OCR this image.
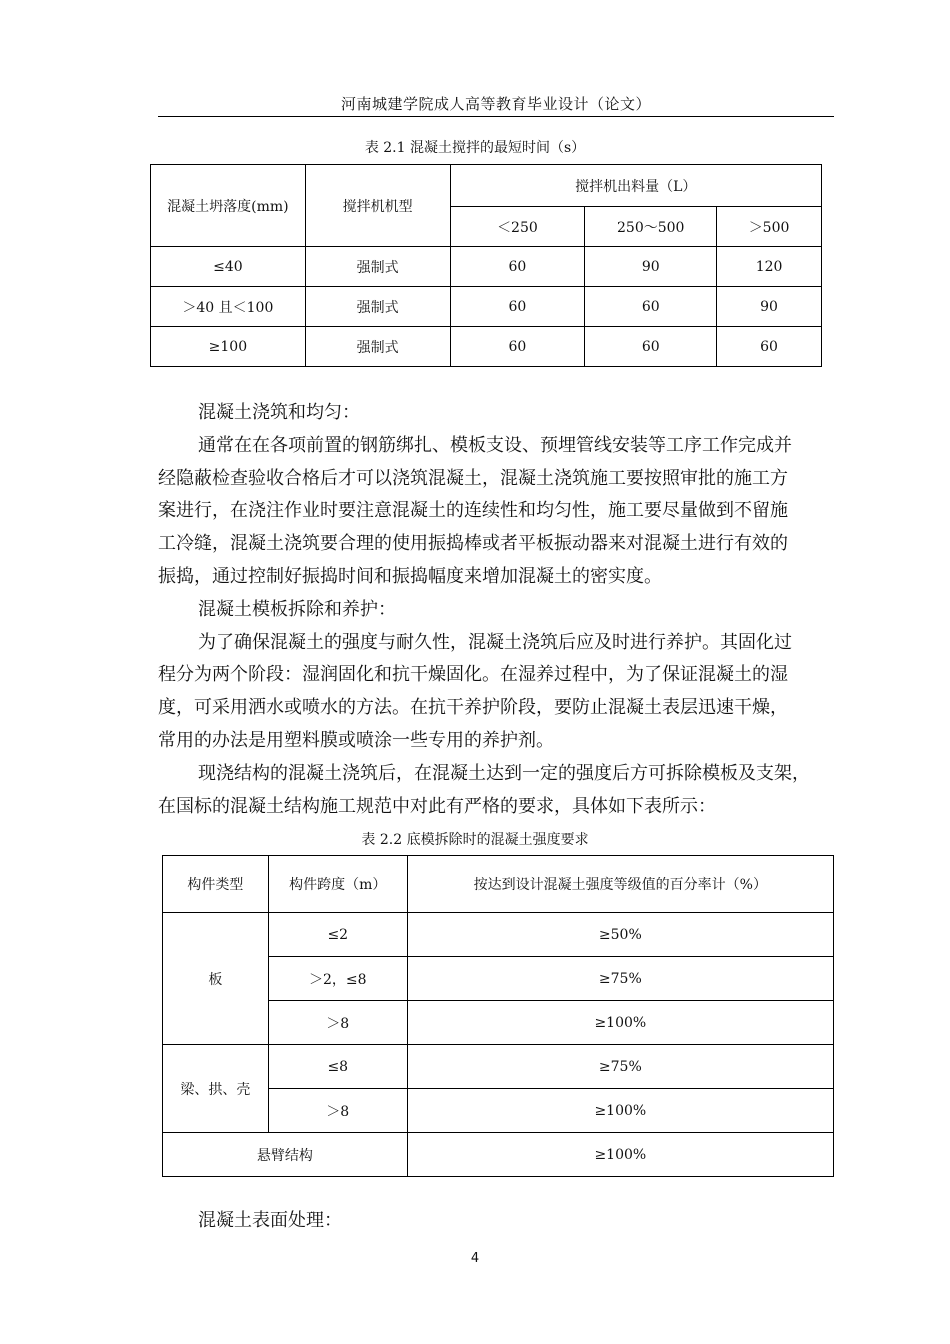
河南城建学院成人高等教育毕业设计（论文）
表 2.1 混凝土搅拌的最短时间（s）
混凝土坍落度(mm)	搅拌机机型	搅拌机出料量（L）		
		＜250	250～500	＞500
≤40	强制式	60	90	120
＞40 且＜100	强制式	60	60	90
≥100	强制式	60	60	60
混凝土浇筑和均匀：
通常在在各项前置的钢筋绑扎、模板支设、预埋管线安装等工序工作完成并
经隐蔽检查验收合格后才可以浇筑混凝土，混凝土浇筑施工要按照审批的施工方
案进行，在浇注作业时要注意混凝土的连续性和均匀性，施工要尽量做到不留施
工冷缝，混凝土浇筑要合理的使用振捣棒或者平板振动器来对混凝土进行有效的
振捣，通过控制好振捣时间和振捣幅度来增加混凝土的密实度。
混凝土模板拆除和养护：
为了确保混凝土的强度与耐久性，混凝土浇筑后应及时进行养护。其固化过
程分为两个阶段：湿润固化和抗干燥固化。在湿养过程中，为了保证混凝土的湿
度，可采用洒水或喷水的方法。在抗干养护阶段，要防止混凝土表层迅速干燥，
常用的办法是用塑料膜或喷涂一些专用的养护剂。
现浇结构的混凝土浇筑后，在混凝土达到一定的强度后方可拆除模板及支架，
在国标的混凝土结构施工规范中对此有严格的要求，具体如下表所示：
表 2.2 底模拆除时的混凝土强度要求
构件类型	构件跨度（m）	按达到设计混凝土强度等级值的百分率计（%）
板	≤2	≥50%
	＞2，≤8	≥75%
	＞8	≥100%
梁、拱、壳	≤8	≥75%
	＞8	≥100%
悬臂结构		≥100%
混凝土表面处理：
4
